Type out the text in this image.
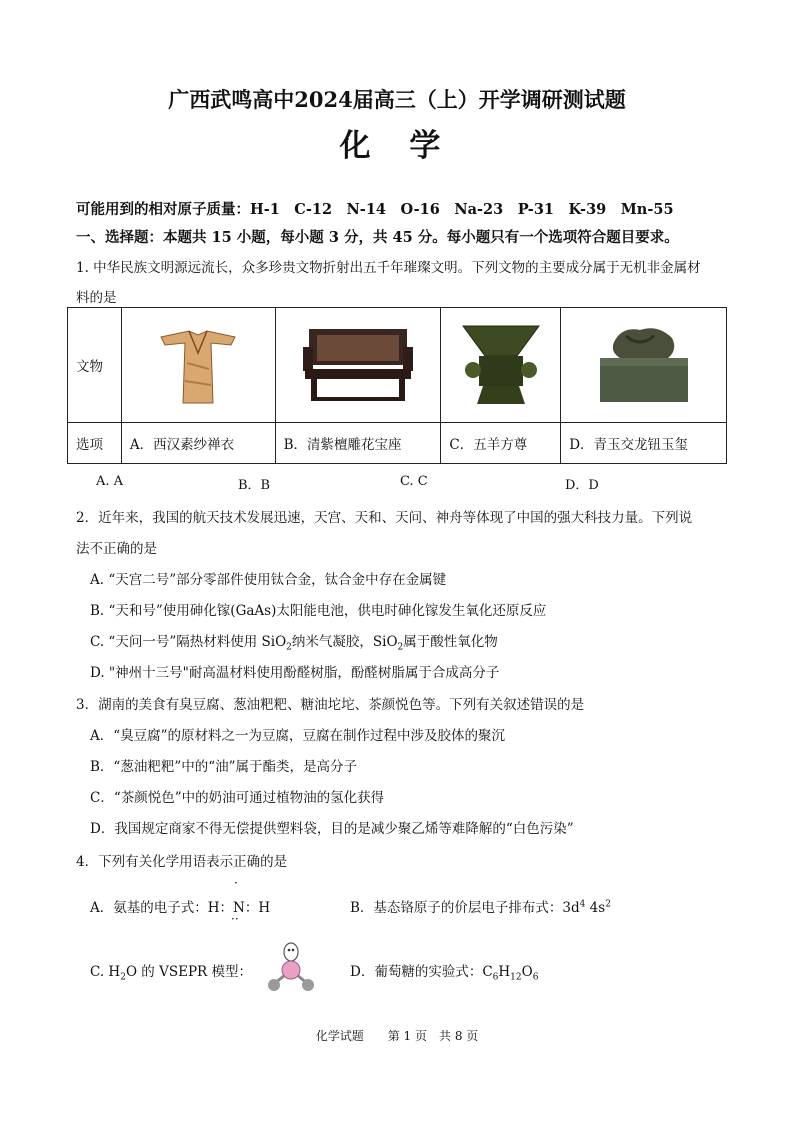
广西武鸣高中2024届高三（上）开学调研测试题
化 学
可能用到的相对原子质量：H-1　C-12　N-14　O-16　Na-23　P-31　K-39　Mn-55
一、选择题：本题共 15 小题，每小题 3 分，共 45 分。每小题只有一个选项符合题目要求。
1. 中华民族文明源远流长，众多珍贵文物折射出五千年璀璨文明。下列文物的主要成分属于无机非金属材
料的是
文物	

选项	A．西汉素纱禅衣	B．清紫檀雕花宝座	C．五羊方尊	D．青玉交龙钮玉玺
A. A	B．B	C. C	D．D
2．近年来，我国的航天技术发展迅速，天宫、天和、天问、神舟等体现了中国的强大科技力量。下列说
法不正确的是
A. “天宫二号”部分零部件使用钛合金，钛合金中存在金属键
B. “天和号”使用砷化镓(GaAs)太阳能电池，供电时砷化镓发生氧化还原反应
C. “天问一号”隔热材料使用 SiO$_2$纳米气凝胶，SiO$_2$属于酸性氧化物
D. "神州十三号"耐高温材料使用酚醛树脂，酚醛树脂属于合成高分子
3．湖南的美食有臭豆腐、葱油粑粑、糖油坨坨、茶颜悦色等。下列有关叙述错误的是
A．“臭豆腐”的原材料之一为豆腐，豆腐在制作过程中涉及胶体的聚沉
B．“葱油粑粑”中的“油”属于酯类，是高分子
C．“茶颜悦色”中的奶油可通过植物油的氢化获得
D．我国规定商家不得无偿提供塑料袋，目的是减少聚乙烯等难降解的“白色污染”
4．下列有关化学用语表示正确的是
·
A．氨基的电子式：H：N：H
··
B．基态铬原子的价层电子排布式：$3d^4$ $4s^2$
C. $H_2O$ 的 VSEPR 模型：	D．葡萄糖的实验式：$C_6H_{12}O_6$
化学试题　　第 1 页　共 8 页
